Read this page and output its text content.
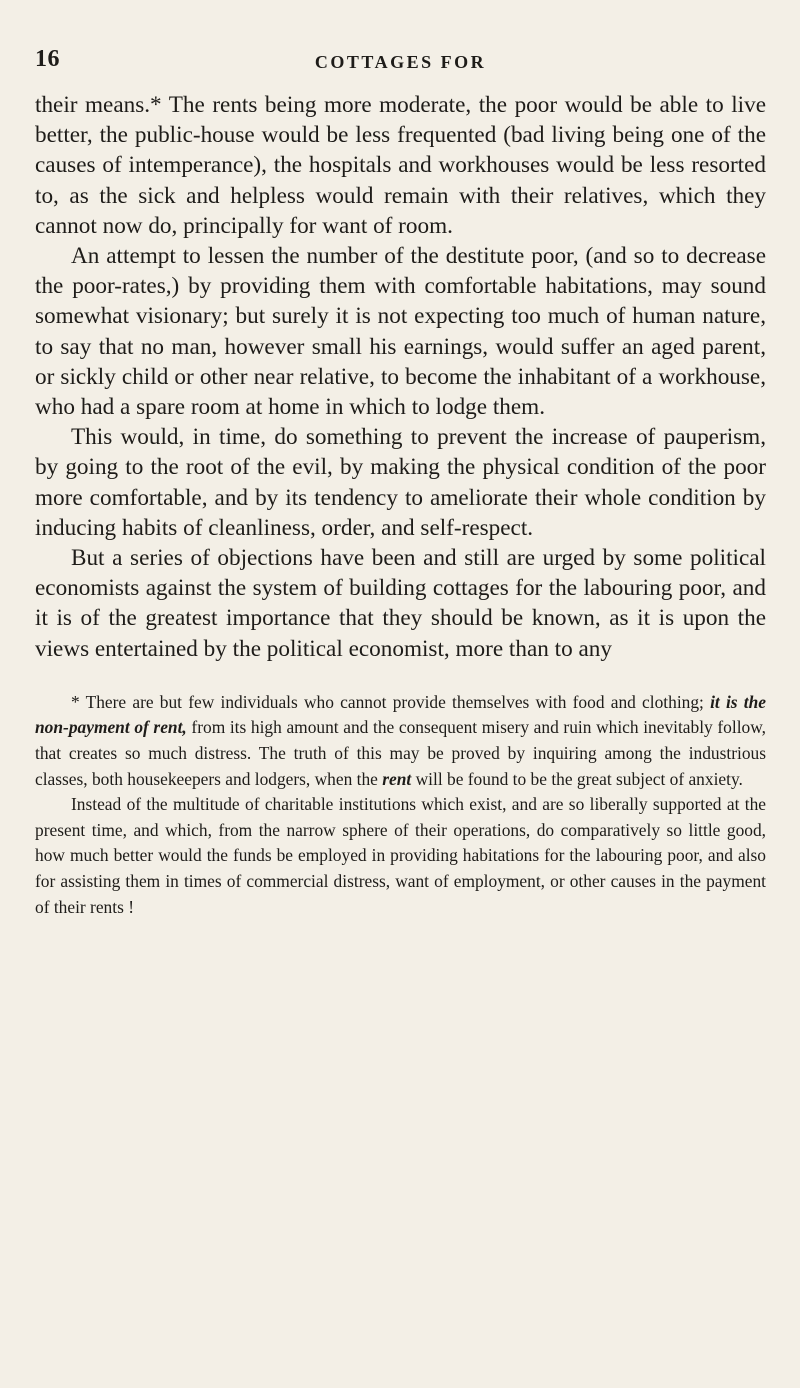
16	COTTAGES FOR

their means.* The rents being more moderate, the poor would be able to live better, the public-house would be less frequented (bad living being one of the causes of intemperance), the hospitals and workhouses would be less resorted to, as the sick and helpless would remain with their relatives, which they cannot now do, principally for want of room.

An attempt to lessen the number of the destitute poor, (and so to decrease the poor-rates,) by providing them with comfortable habitations, may sound somewhat visionary; but surely it is not expecting too much of human nature, to say that no man, however small his earnings, would suffer an aged parent, or sickly child or other near relative, to become the inhabitant of a workhouse, who had a spare room at home in which to lodge them.

This would, in time, do something to prevent the increase of pauperism, by going to the root of the evil, by making the physical condition of the poor more comfortable, and by its tendency to ameliorate their whole condition by inducing habits of cleanliness, order, and self-respect.

But a series of objections have been and still are urged by some political economists against the system of building cottages for the labouring poor, and it is of the greatest importance that they should be known, as it is upon the views entertained by the political economist, more than to any

* There are but few individuals who cannot provide themselves with food and clothing; it is the non-payment of rent, from its high amount and the consequent misery and ruin which inevitably follow, that creates so much distress. The truth of this may be proved by inquiring among the industrious classes, both housekeepers and lodgers, when the rent will be found to be the great subject of anxiety.

Instead of the multitude of charitable institutions which exist, and are so liberally supported at the present time, and which, from the narrow sphere of their operations, do comparatively so little good, how much better would the funds be employed in providing habitations for the labouring poor, and also for assisting them in times of commercial distress, want of employment, or other causes in the payment of their rents !
